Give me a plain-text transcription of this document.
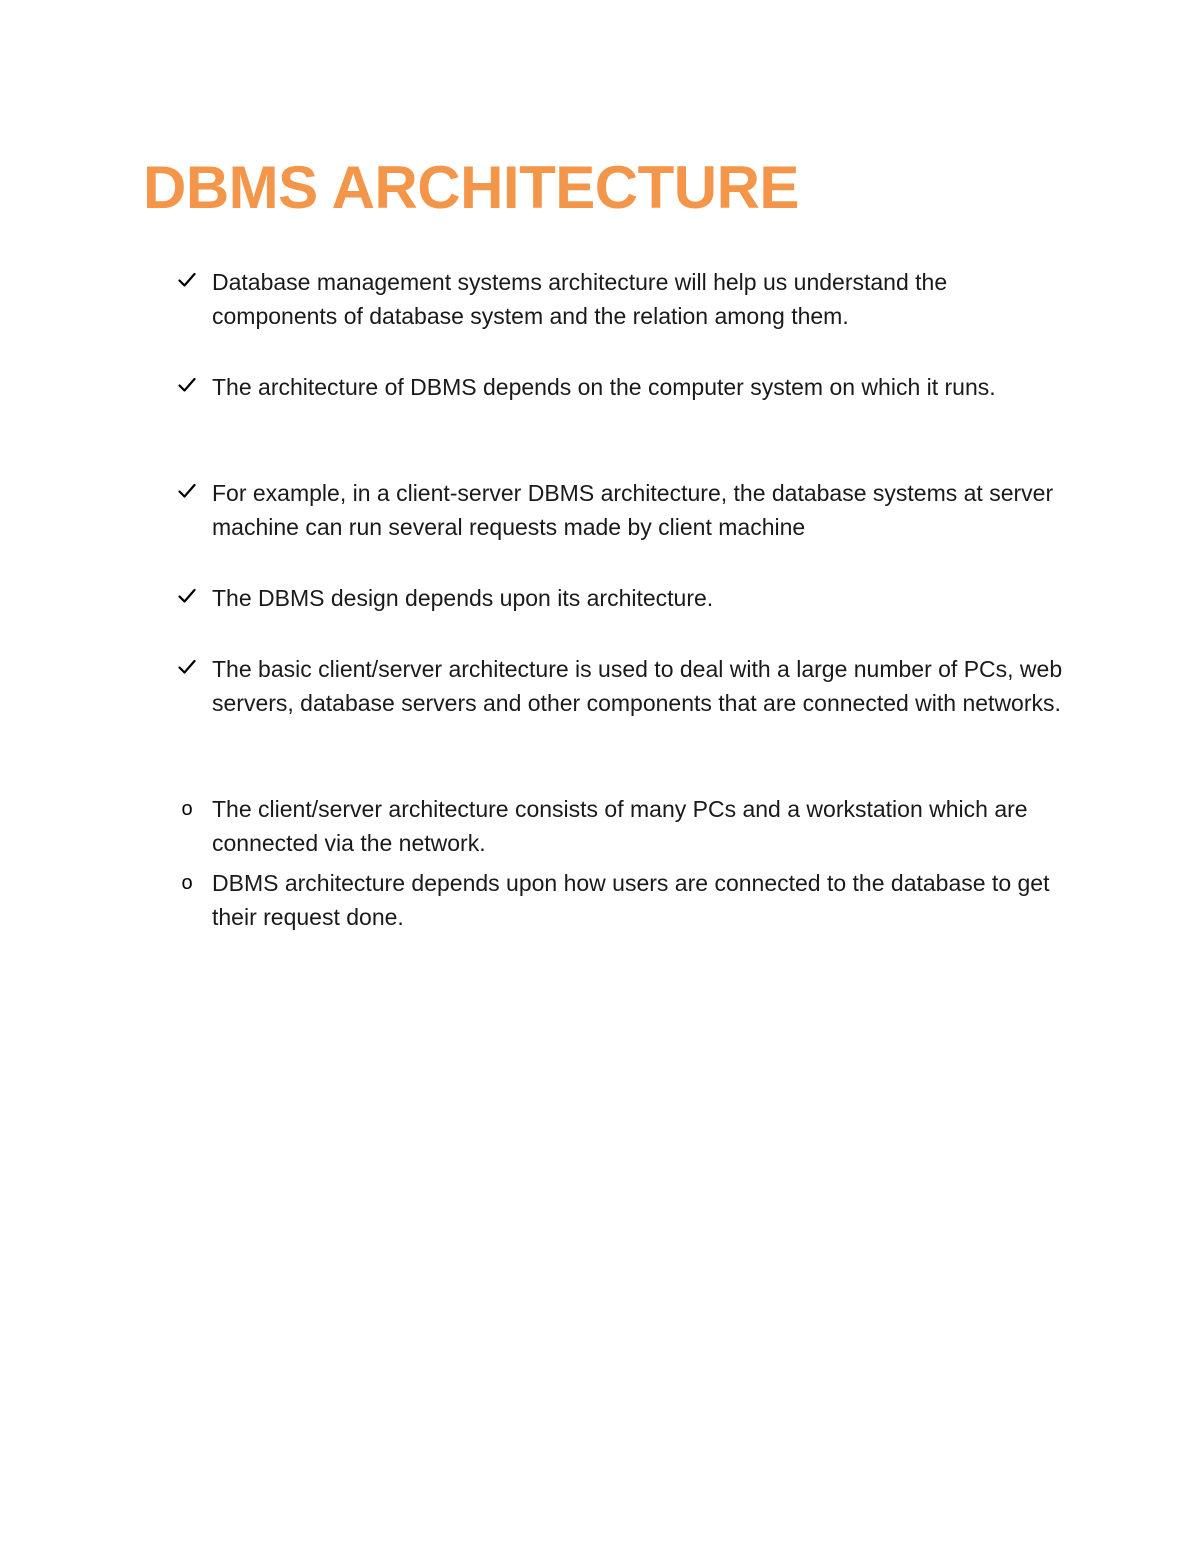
DBMS ARCHITECTURE

Database management systems architecture will help us understand the components of database system and the relation among them.

The architecture of DBMS depends on the computer system on which it runs.

For example, in a client-server DBMS architecture, the database systems at server machine can run several requests made by client machine

The DBMS design depends upon its architecture.

The basic client/server architecture is used to deal with a large number of PCs, web servers, database servers and other components that are connected with networks.

o The client/server architecture consists of many PCs and a workstation which are connected via the network.

o DBMS architecture depends upon how users are connected to the database to get their request done.
